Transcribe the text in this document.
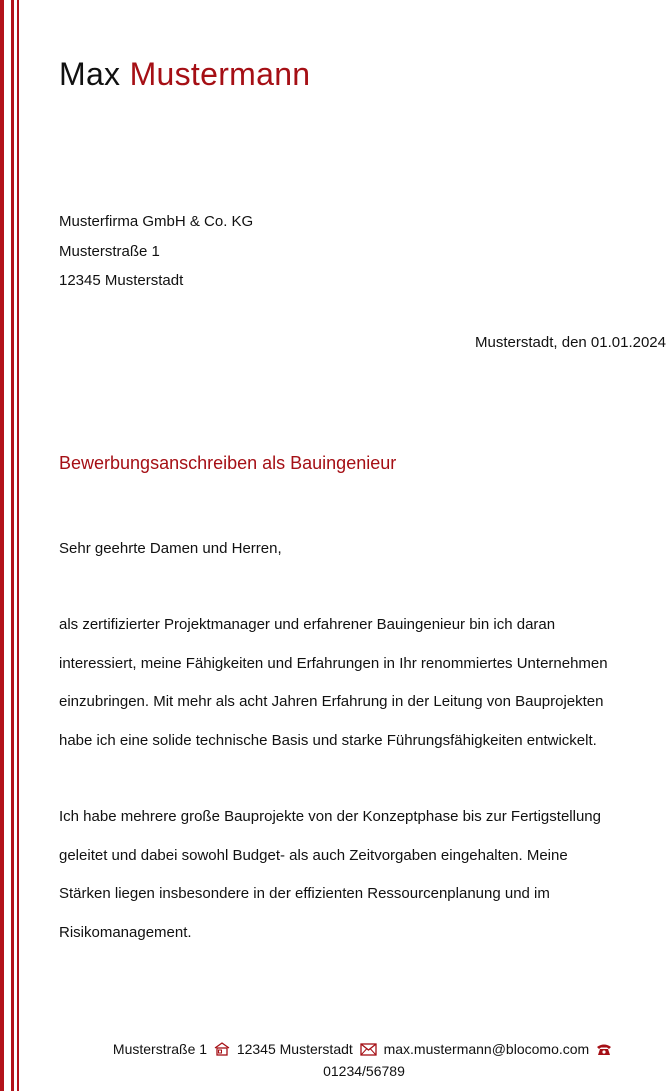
Max Mustermann
Musterfirma GmbH & Co. KG
Musterstraße 1
12345 Musterstadt
Musterstadt, den 01.01.2024
Bewerbungsanschreiben als Bauingenieur
Sehr geehrte Damen und Herren,
als zertifizierter Projektmanager und erfahrener Bauingenieur bin ich daran
interessiert, meine Fähigkeiten und Erfahrungen in Ihr renommiertes Unternehmen
einzubringen. Mit mehr als acht Jahren Erfahrung in der Leitung von Bauprojekten
habe ich eine solide technische Basis und starke Führungsfähigkeiten entwickelt.
Ich habe mehrere große Bauprojekte von der Konzeptphase bis zur Fertigstellung
geleitet und dabei sowohl Budget- als auch Zeitvorgaben eingehalten. Meine
Stärken liegen insbesondere in der effizienten Ressourcenplanung und im
Risikomanagement.
Musterstraße 1 12345 Musterstadt max.mustermann@blocomo.com
01234/56789
